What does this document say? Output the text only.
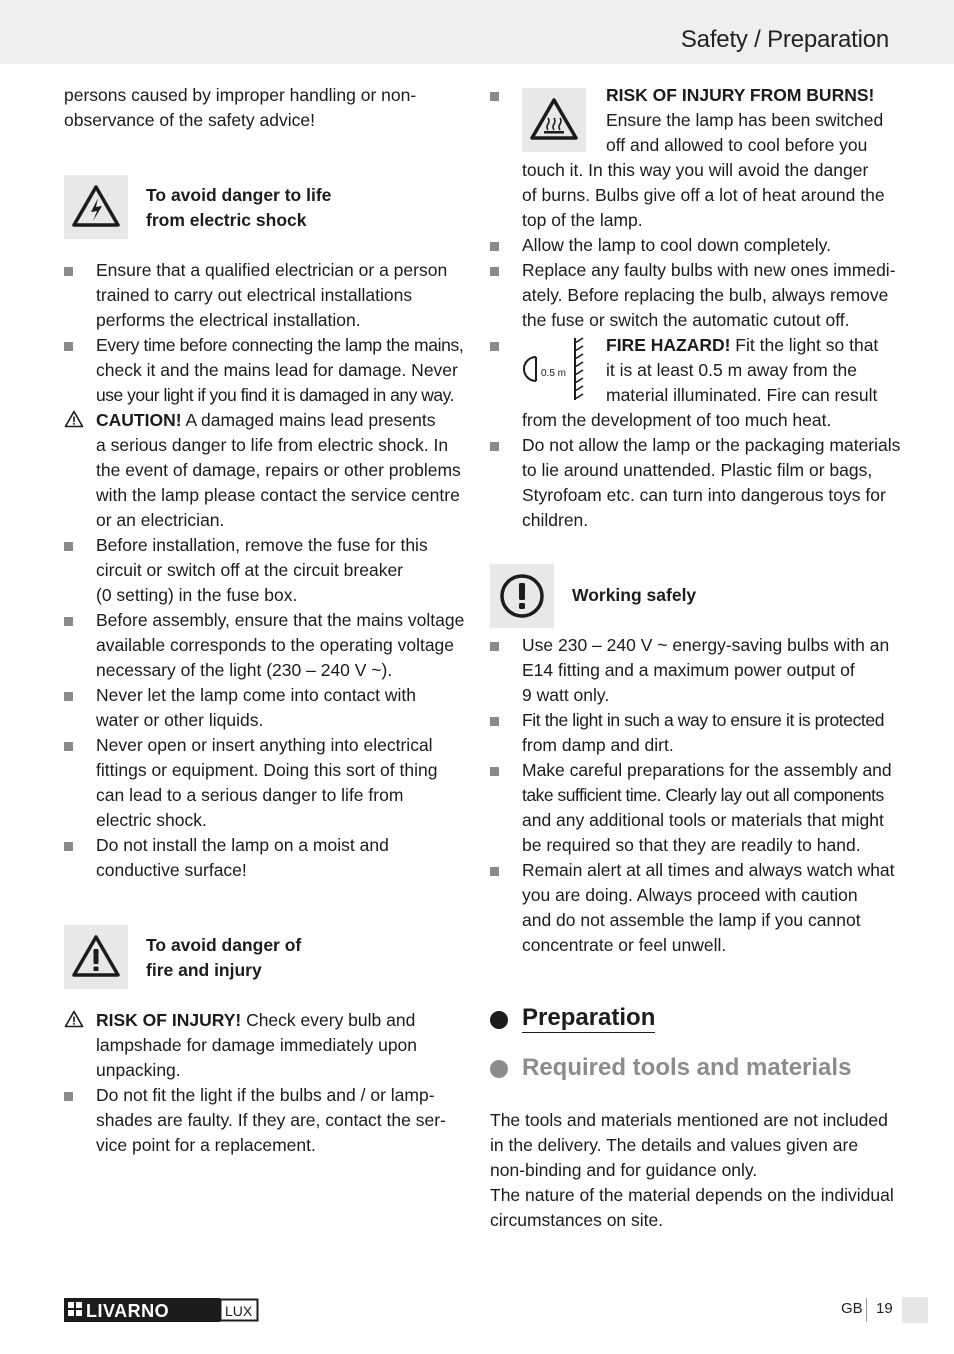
Safety / Preparation
persons caused by improper handling or non-
observance of the safety advice!
To avoid danger to life
from electric shock
Ensure that a qualified electrician or a person
trained to carry out electrical installations
performs the electrical installation.
Every time before connecting the lamp the mains,
check it and the mains lead for damage. Never
use your light if you find it is damaged in any way.
CAUTION! A damaged mains lead presents
a serious danger to life from electric shock. In
the event of damage, repairs or other problems
with the lamp please contact the service centre
or an electrician.
Before installation, remove the fuse for this
circuit or switch off at the circuit breaker
(0 setting) in the fuse box.
Before assembly, ensure that the mains voltage
available corresponds to the operating voltage
necessary of the light (230 – 240 V ~).
Never let the lamp come into contact with
water or other liquids.
Never open or insert anything into electrical
fittings or equipment. Doing this sort of thing
can lead to a serious danger to life from
electric shock.
Do not install the lamp on a moist and
conductive surface!
To avoid danger of
fire and injury
RISK OF INJURY! Check every bulb and
lampshade for damage immediately upon
unpacking.
Do not fit the light if the bulbs and / or lamp-
shades are faulty. If they are, contact the ser-
vice point for a replacement.
RISK OF INJURY FROM BURNS!
Ensure the lamp has been switched
off and allowed to cool before you
touch it. In this way you will avoid the danger
of burns. Bulbs give off a lot of heat around the
top of the lamp.
Allow the lamp to cool down completely.
Replace any faulty bulbs with new ones immedi-
ately. Before replacing the bulb, always remove
the fuse or switch the automatic cutout off.
0.5 m
FIRE HAZARD! Fit the light so that
it is at least 0.5 m away from the
material illuminated. Fire can result
from the development of too much heat.
Do not allow the lamp or the packaging materials
to lie around unattended. Plastic film or bags,
Styrofoam etc. can turn into dangerous toys for
children.
Working safely
Use 230 – 240 V ~ energy-saving bulbs with an
E14 fitting and a maximum power output of
9 watt only.
Fit the light in such a way to ensure it is protected
from damp and dirt.
Make careful preparations for the assembly and
take sufficient time. Clearly lay out all components
and any additional tools or materials that might
be required so that they are readily to hand.
Remain alert at all times and always watch what
you are doing. Always proceed with caution
and do not assemble the lamp if you cannot
concentrate or feel unwell.
Preparation
Required tools and materials
The tools and materials mentioned are not included
in the delivery. The details and values given are
non-binding and for guidance only.
The nature of the material depends on the individual
circumstances on site.
LIVARNO	LUX	GB 19
